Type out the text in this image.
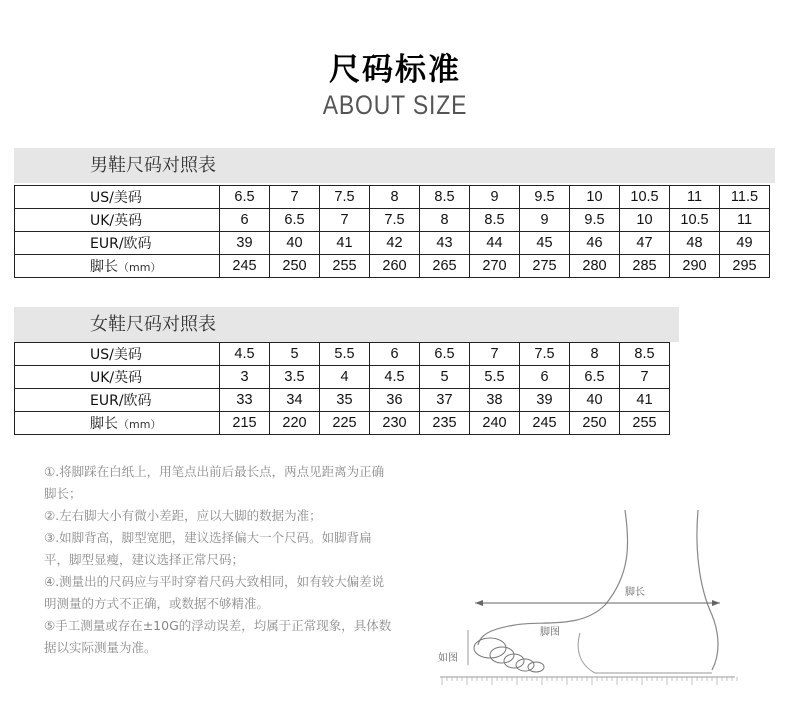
尺码标准
ABOUT SIZE
男鞋尺码对照表
US/美码	6.5	7	7.5	8	8.5	9	9.5	10	10.5	11	11.5
UK/英码	6	6.5	7	7.5	8	8.5	9	9.5	10	10.5	11
EUR/欧码	39	40	41	42	43	44	45	46	47	48	49
脚长（mm）	245	250	255	260	265	270	275	280	285	290	295
女鞋尺码对照表
US/美码	4.5	5	5.5	6	6.5	7	7.5	8	8.5
UK/英码	3	3.5	4	4.5	5	5.5	6	6.5	7
EUR/欧码	33	34	35	36	37	38	39	40	41
脚长（mm）	215	220	225	230	235	240	245	250	255

①.将脚踩在白纸上，用笔点出前后最长点，两点见距离为正确脚长；

②.左右脚大小有微小差距，应以大脚的数据为准；

③.如脚背高，脚型宽肥，建议选择偏大一个尺码。如脚背扁平，脚型显瘦，建议选择正常尺码；

④.测量出的尺码应与平时穿着尺码大致相同，如有较大偏差说明测量的方式不正确，或数据不够精准。

⑤手工测量或存在±10G的浮动误差，均属于正常现象，具体数据以实际测量为准。

脚长
脚图
如图
